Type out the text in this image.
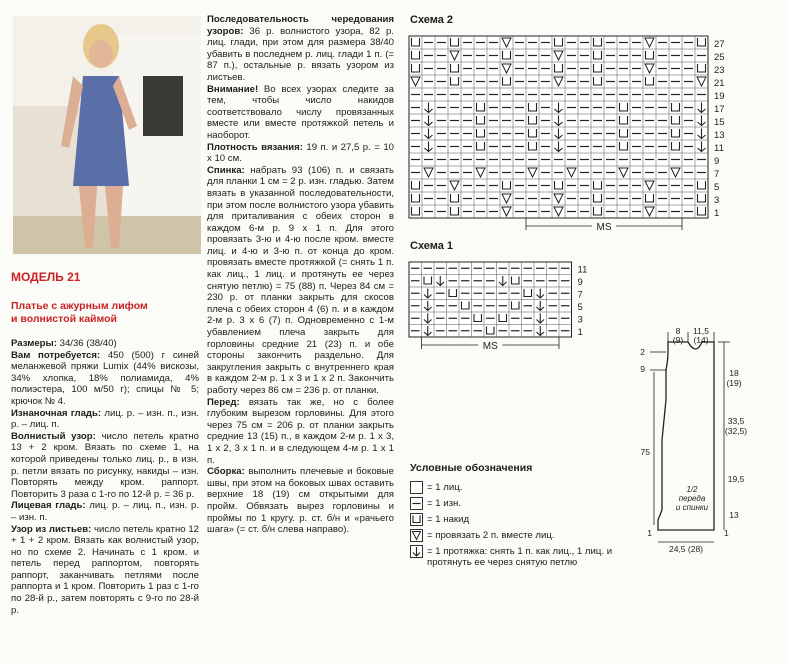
МОДЕЛЬ 21
Платье с ажурным лифом
и волнистой каймой
Размеры: 34/36 (38/40)
Вам потребуется: 450 (500) г синей меланжевой пряжи Lumix (44% вискозы, 34% хлопка, 18% полиамида, 4% полиэстера, 100 м/50 г); спицы № 5; крючок № 4.
Изнаночная гладь: лиц. р. – изн. п., изн. р. – лиц. п.
Волнистый узор: число петель кратно 13 + 2 кром. Вязать по схеме 1, на которой приведены только лиц. р., в изн. р. петли вязать по рисунку, накиды – изн. Повторять между кром. раппорт. Повторить 3 раза с 1-го по 12-й р. = 36 р.
Лицевая гладь: лиц. р. – лиц. п., изн. р. – изн. п.
Узор из листьев: число петель кратно 12 + 1 + 2 кром. Вязать как волнистый узор, но по схеме 2. Начинать с 1 кром. и петель перед раппортом, повторять раппорт, заканчивать петлями после раппорта и 1 кром. Повторить 1 раз с 1-го по 28-й р., затем повторять с 9-го по 28-й р.
Последовательность чередования узоров: 36 р. волнистого узора, 82 р. лиц. глади, при этом для размера 38/40 убавить в последнем р. лиц. глади 1 п. (= 87 п.), остальные р. вязать узором из листьев.
Внимание! Во всех узорах следите за тем, чтобы число накидов соответствовало числу провязанных вместе или вместе протяжкой петель и наоборот.
Плотность вязания: 19 п. и 27,5 р. = 10 х 10 см.
Спинка: набрать 93 (106) п. и связать для планки 1 см = 2 р. изн. гладью. Затем вязать в указанной последовательности, при этом после волнистого узора убавить для приталивания с обеих сторон в каждом 6-м р. 9 х 1 п. Для этого провязать 3-ю и 4-ю после кром. вместе лиц. и 4-ю и 3-ю п. от конца до кром. провязать вместе протяжкой (= снять 1 п. как лиц., 1 лиц. и протянуть ее через снятую петлю) = 75 (88) п. Через 84 см = 230 р. от планки закрыть для скосов плеча с обеих сторон 4 (6) п. и в каждом 2-м р. 3 х 6 (7) п. Одновременно с 1-м убавлением плеча закрыть для горловины средние 21 (23) п. и обе стороны закончить раздельно. Для закругления закрыть с внутреннего края в каждом 2-м р. 1 х 3 и 1 х 2 п. Закончить работу через 86 см = 236 р. от планки.
Перед: вязать так же, но с более глубоким вырезом горловины. Для этого через 75 см = 206 р. от планки закрыть средние 13 (15) п., в каждом 2-м р. 1 х 3, 1 х 2, 3 х 1 п. и в следующем 4-м р. 1 х 1 п.
Сборка: выполнить плечевые и боковые швы, при этом на боковых швах оставить верхние 18 (19) см открытыми для пройм. Обвязать вырез горловины и проймы по 1 кругу. р. ст. б/н и «рачьего шага» (= ст. б/н слева направо).
Схема 2
27
25
23
21
19
17
15
13
11
9
7
5
3
1
MS
Схема 1
11
9
7
5
3
1
MS
8
(9)
11,5
(14)
2
9
75
18
(19)
33,5
(32,5)
19,5
13
1	1
24,5 (28)
1/2
переда
и спинки
Условные обозначения
= 1 лиц.
= 1 изн.
= 1 накид
= провязать 2 п. вместе лиц.
= 1 протяжка: снять 1 п. как лиц., 1 лиц. и протянуть ее через снятую петлю
